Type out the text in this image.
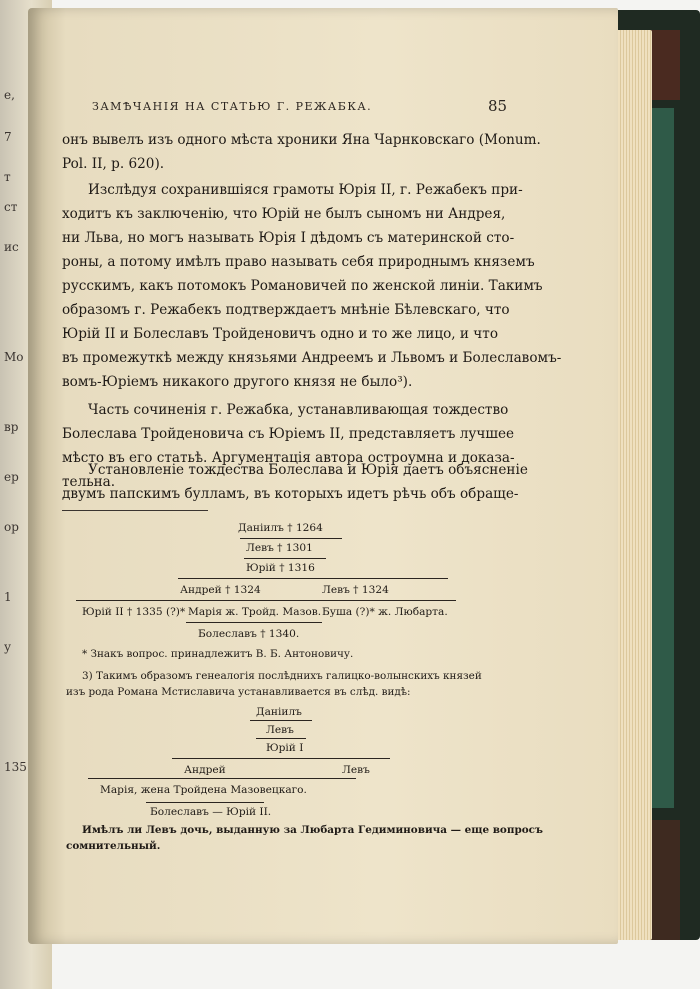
е,
7
т
ст
ис
Мо
вр
ер
ор
1
у
135
ЗАМѢЧАНІЯ НА СТАТЬЮ Г. РЕЖАБКА.	85
онъ вывелъ изъ одного мѣста хроники Яна Чарнковскаго (Monum.
Pol. II, p. 620).
Изслѣдуя сохранившіяся грамоты Юрія II, г. Режабекъ при-
ходитъ къ заключенію, что Юрій не былъ сыномъ ни Андрея,
ни Льва, но могъ называть Юрія I дѣдомъ съ материнской сто-
роны, а потому имѣлъ право называть себя природнымъ княземъ
русскимъ, какъ потомокъ Романовичей по женской линіи. Такимъ
образомъ г. Режабекъ подтверждаетъ мнѣніе Бѣлевскаго, что
Юрій II и Болеславъ Тройденовичъ одно и то же лицо, и что
въ промежуткѣ между князьями Андреемъ и Львомъ и Болеславомъ-
вомъ-Юріемъ никакого другого князя не было³).
Часть сочиненія г. Режабка, устанавливающая тождество
Болеслава Тройденовича съ Юріемъ II, представляетъ лучшее
мѣсто въ его статьѣ. Аргументація автора остроумна и доказа-
тельна.
Установленіе тождества Болеслава и Юрія даетъ объясненіе
двумъ папскимъ булламъ, въ которыхъ идетъ рѣчь объ обраще-
Даніилъ † 1264
Левъ † 1301
Юрій † 1316
Андрей † 1324	Левъ † 1324
Юрій II † 1335 (?)* Марія ж. Тройд. Мазов. Буша (?)* ж. Любарта.
Болеславъ † 1340.
* Знакъ вопрос. принадлежитъ В. Б. Антоновичу.
3) Такимъ образомъ генеалогія послѣднихъ галицко-волынскихъ князей
изъ рода Романа Мстиславича устанавливается въ слѣд. видѣ:
Даніилъ
Левъ
Юрій I
Андрей	Левъ
Марія, жена Тройдена Мазовецкаго.
Болеславъ — Юрій II.
Имѣлъ ли Левъ дочь, выданную за Любарта Гедиминовича — еще вопросъ
сомнительный.
